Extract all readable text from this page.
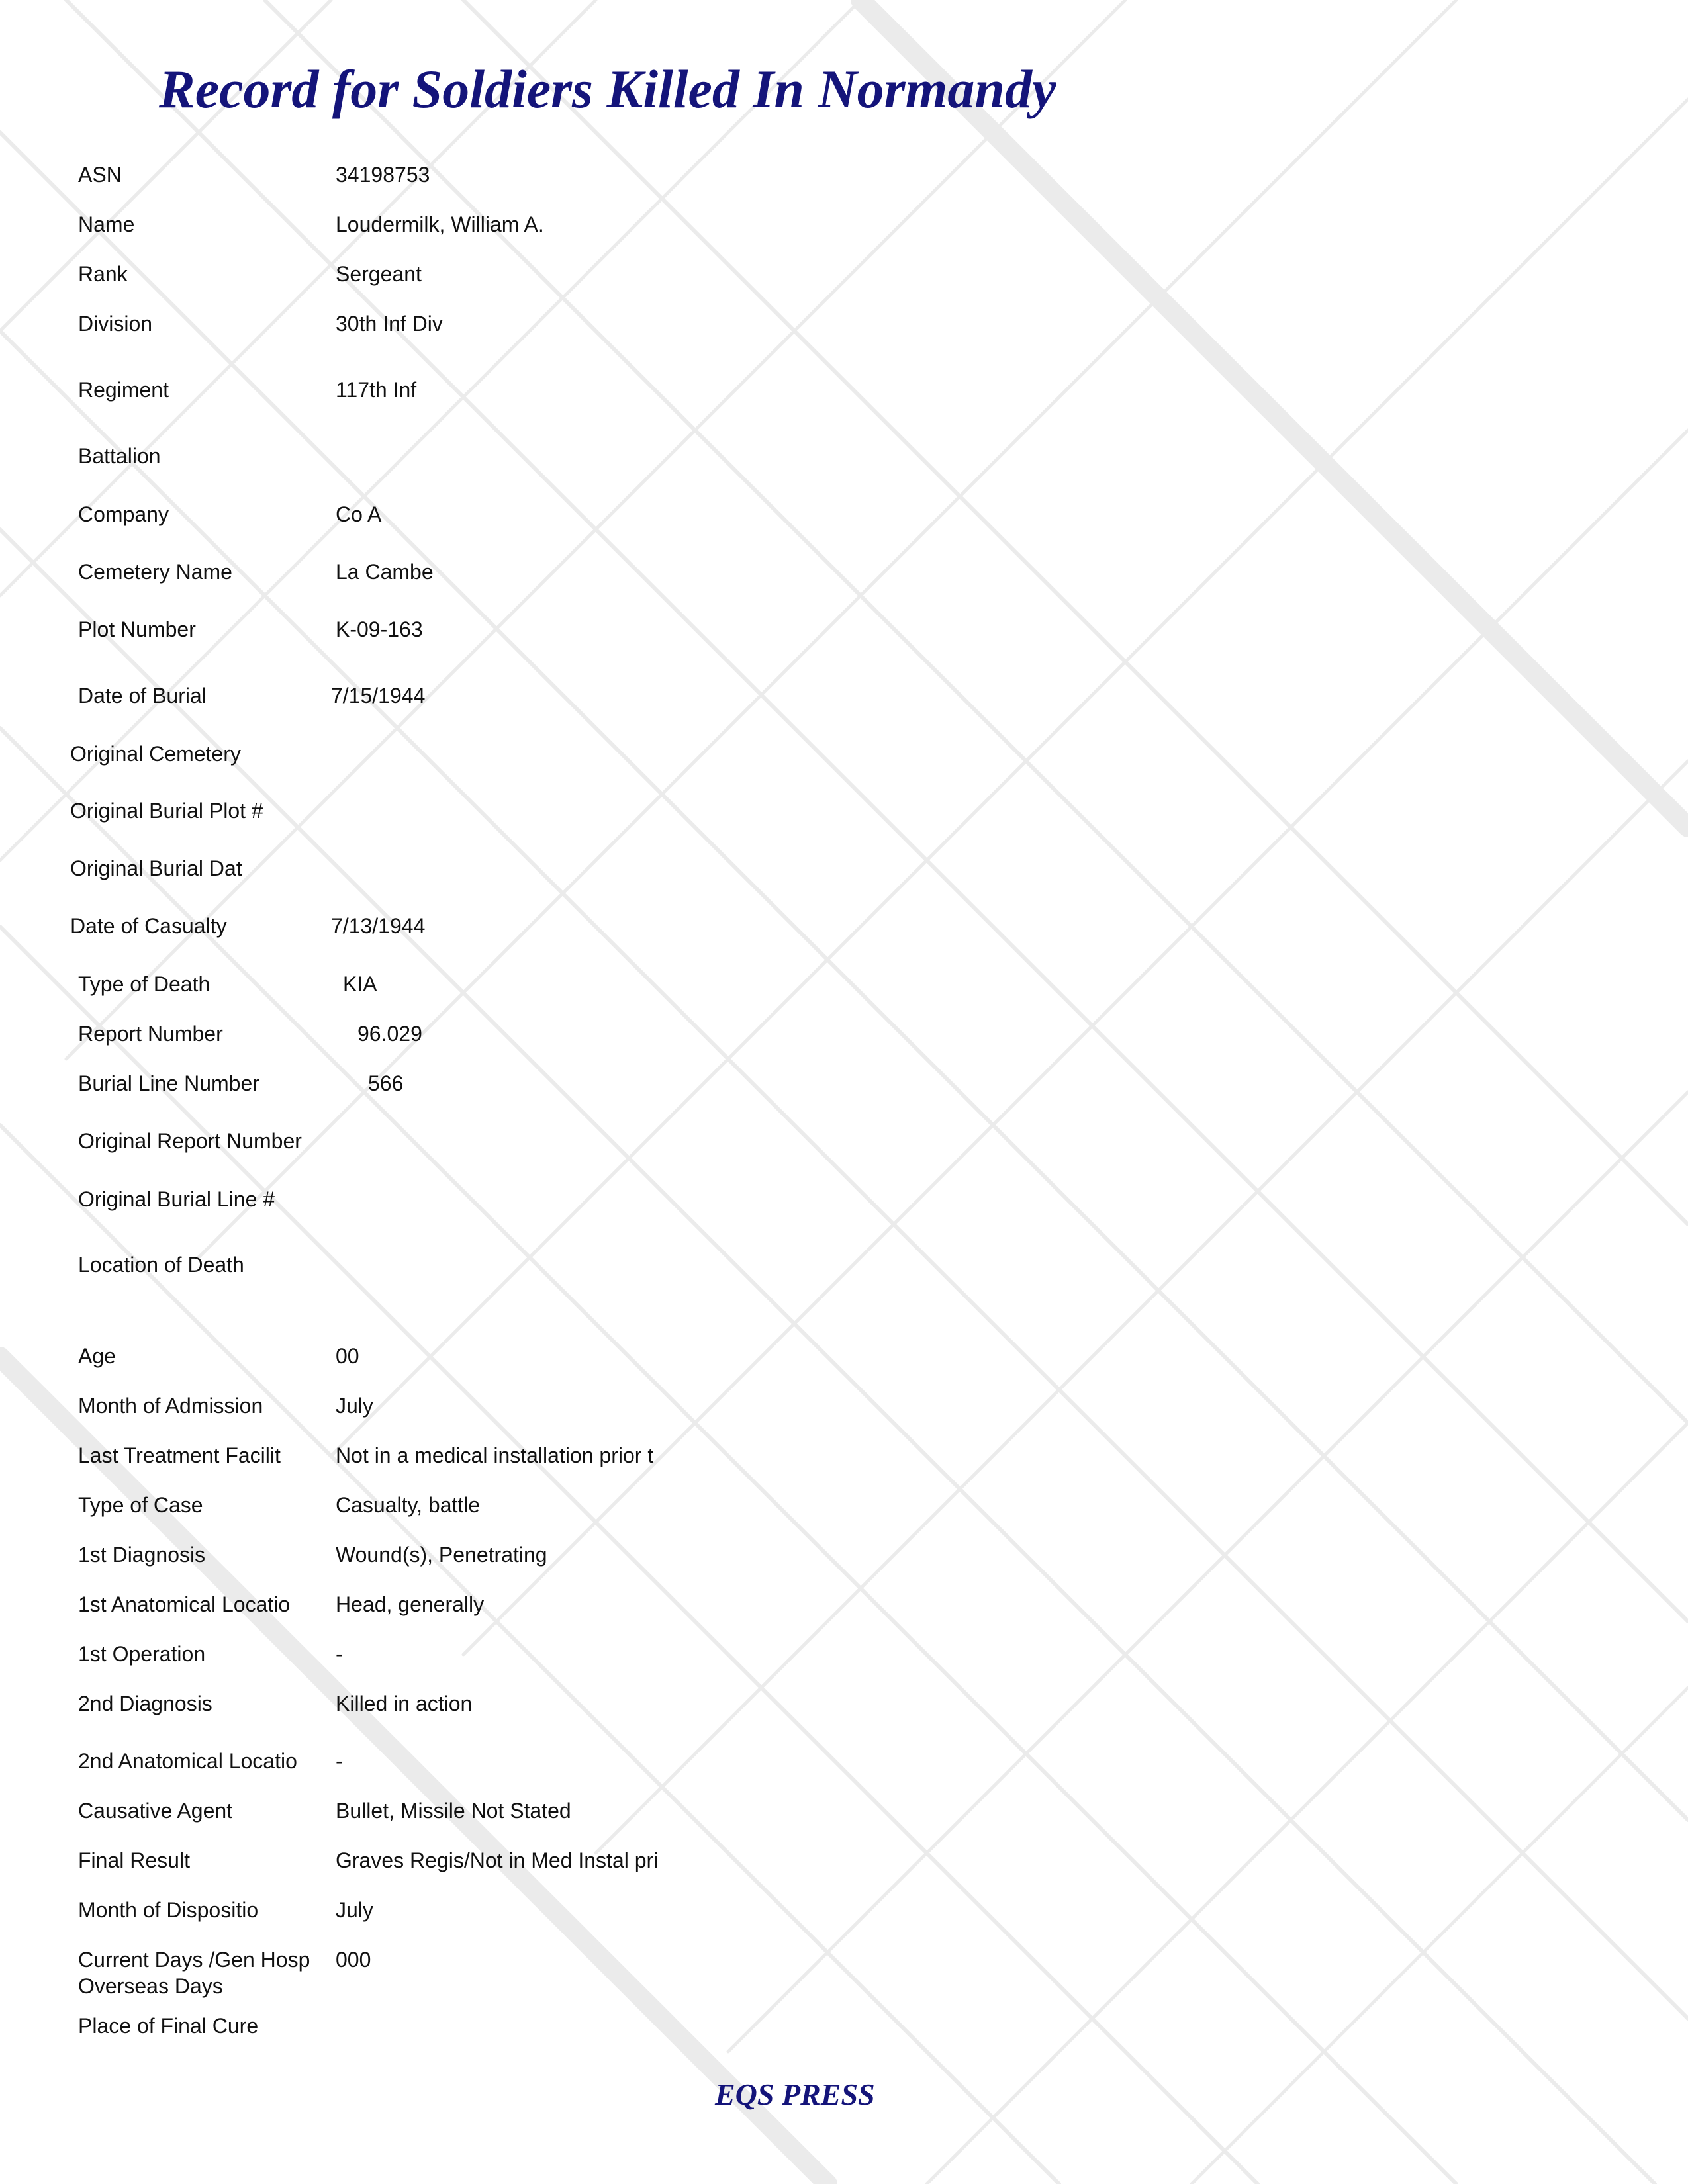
Record for Soldiers Killed In Normandy
ASN	34198753
Name	Loudermilk, William A.
Rank	Sergeant
Division	30th Inf Div
Regiment	117th Inf
Battalion
Company	Co A
Cemetery Name	La Cambe
Plot Number	K-09-163
Date of Burial	7/15/1944
Original Cemetery
Original Burial Plot #
Original Burial Dat
Date of Casualty	7/13/1944
Type of Death	KIA
Report Number	96.029
Burial Line Number	566
Original Report Number
Original Burial Line #
Location of Death
Age	00
Month of Admission	July
Last Treatment Facilit	Not in a medical installation prior t
Type of Case	Casualty, battle
1st Diagnosis	Wound(s), Penetrating
1st Anatomical Locatio Head, generally
1st Operation	-
2nd Diagnosis	Killed in action
2nd Anatomical Locatio -
Causative Agent	Bullet, Missile Not Stated
Final Result	Graves Regis/Not in Med Instal pri
Month of Dispositio	July
Current Days /Gen Hosp 000
Overseas Days
Place of Final Cure
EQS PRESS
